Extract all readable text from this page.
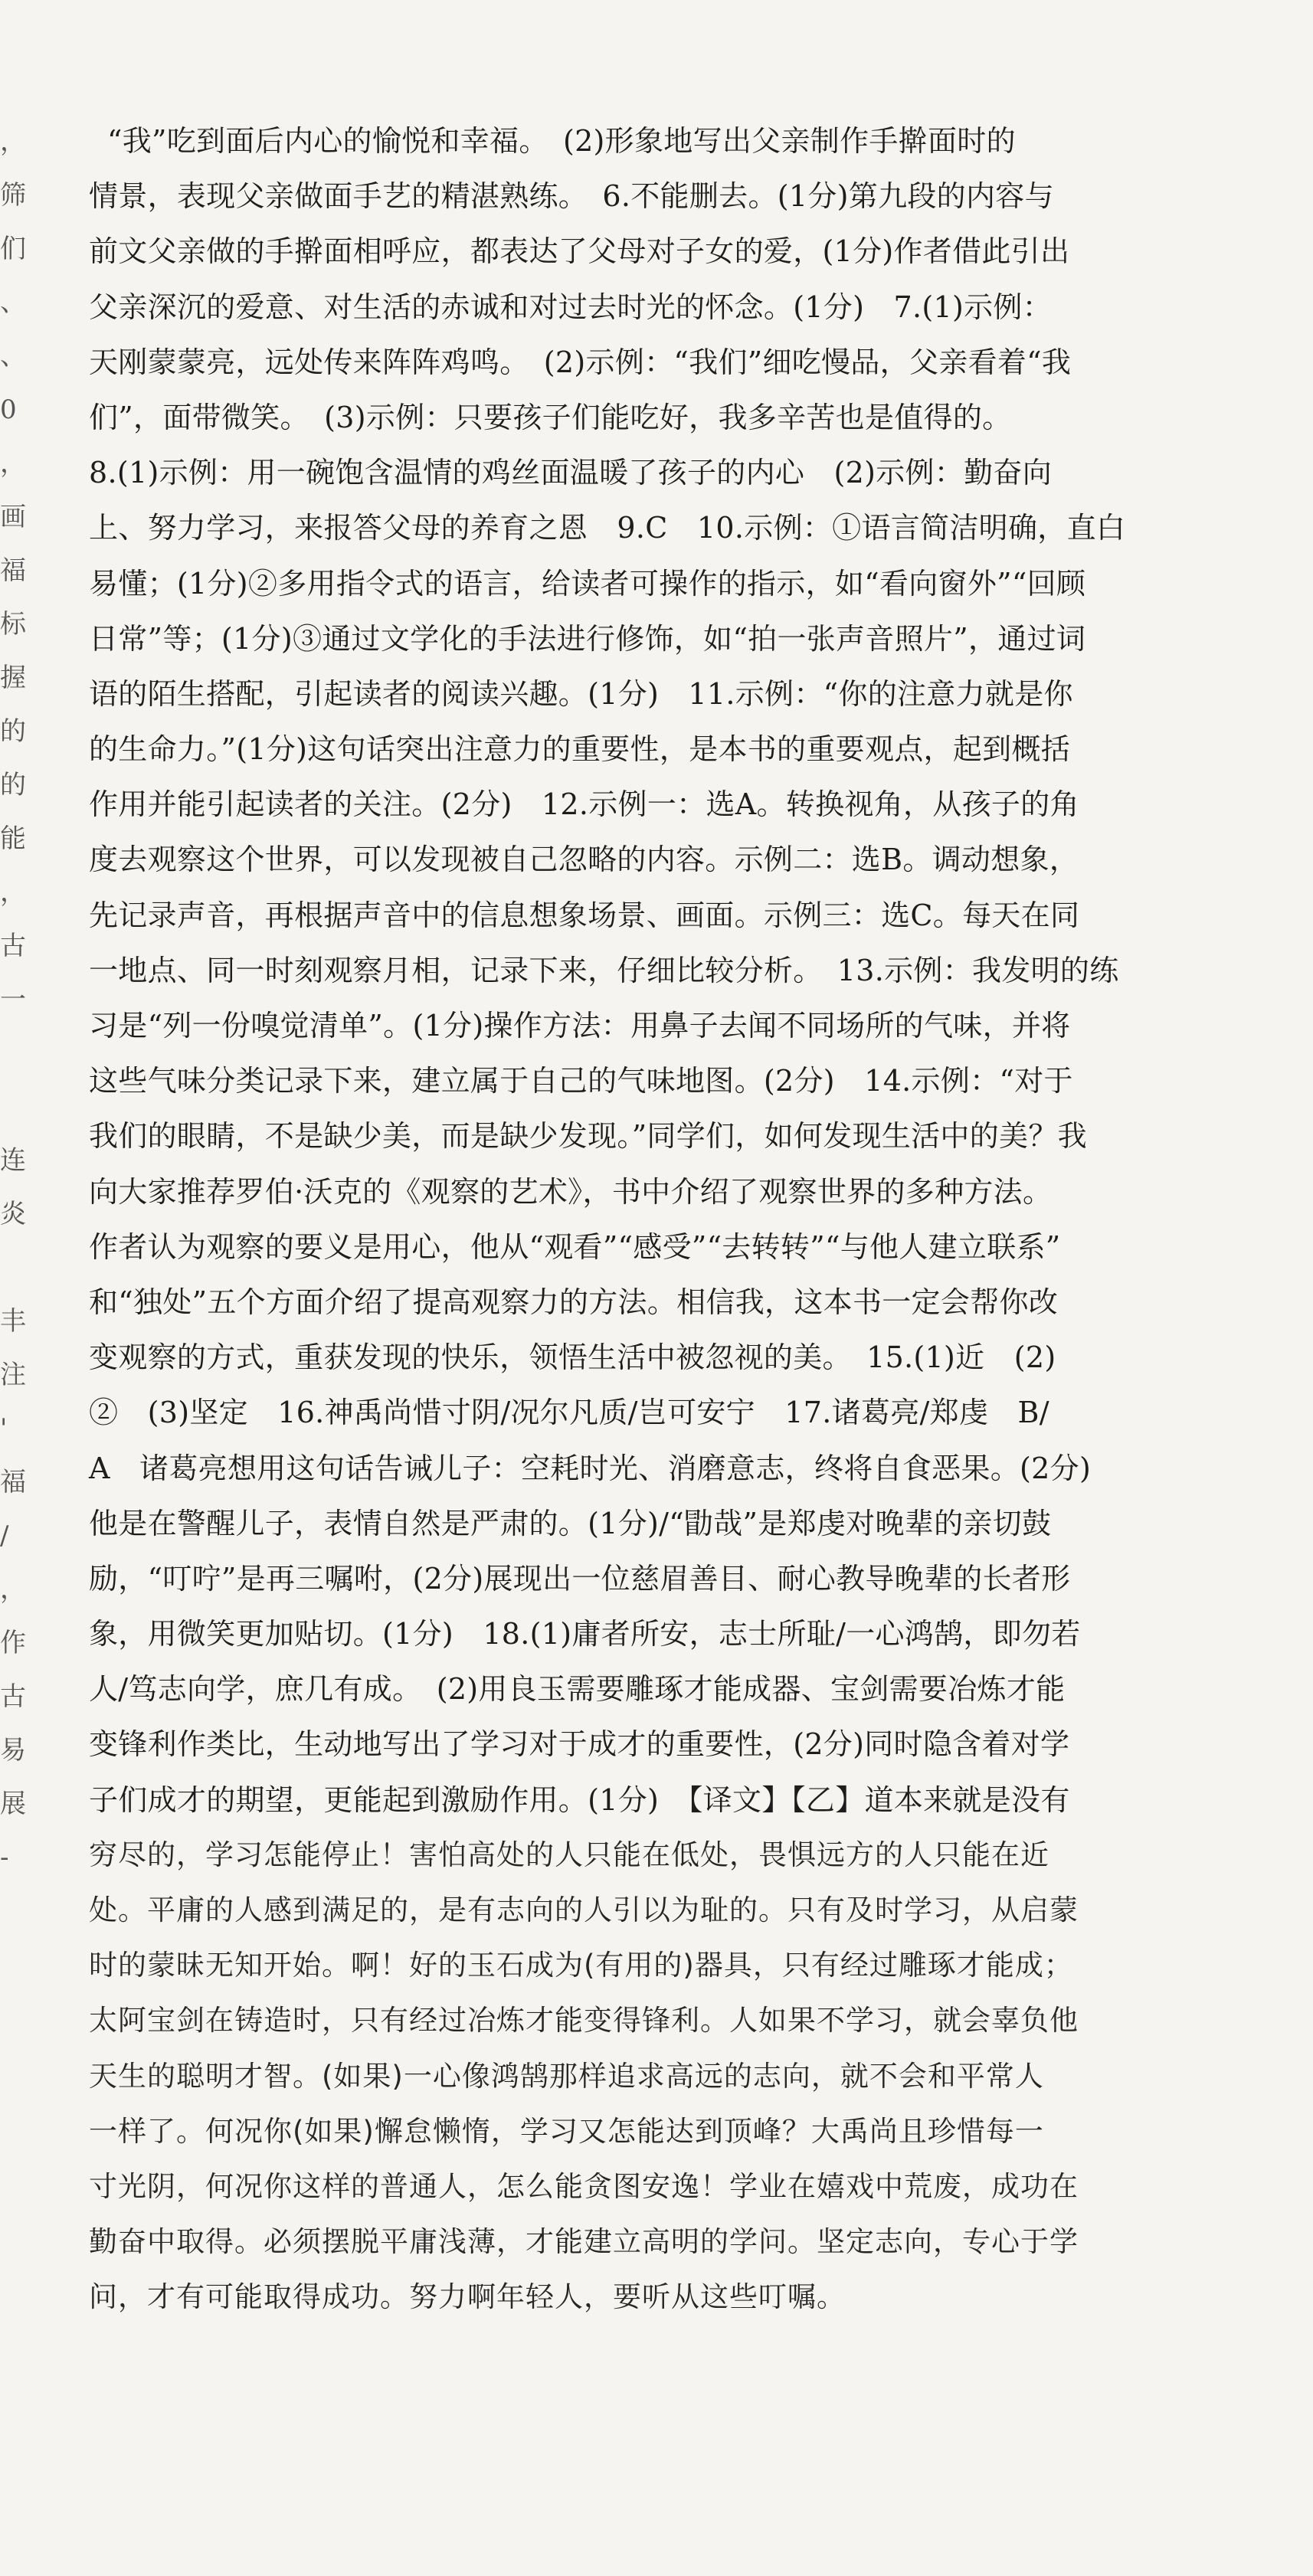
，
筛
们
、
、
0
，
画
福
标
握
的
的
能
，
古
一
连
炎
丰
注
'
福
/
，
作
古
易
展
-
“我”吃到面后内心的愉悦和幸福。　(2)形象地写出父亲制作手擀面时的
情景，表现父亲做面手艺的精湛熟练。　6.不能删去。(1分)第九段的内容与
前文父亲做的手擀面相呼应，都表达了父母对子女的爱，(1分)作者借此引出
父亲深沉的爱意、对生活的赤诚和对过去时光的怀念。(1分)　7.(1)示例：
天刚蒙蒙亮，远处传来阵阵鸡鸣。　(2)示例：“我们”细吃慢品，父亲看着“我
们”，面带微笑。　(3)示例：只要孩子们能吃好，我多辛苦也是值得的。
8.(1)示例：用一碗饱含温情的鸡丝面温暖了孩子的内心　(2)示例：勤奋向
上、努力学习，来报答父母的养育之恩　9.C　10.示例：①语言简洁明确，直白
易懂；(1分)②多用指令式的语言，给读者可操作的指示，如“看向窗外”“回顾
日常”等；(1分)③通过文学化的手法进行修饰，如“拍一张声音照片”，通过词
语的陌生搭配，引起读者的阅读兴趣。(1分)　11.示例：“你的注意力就是你
的生命力。”(1分)这句话突出注意力的重要性，是本书的重要观点，起到概括
作用并能引起读者的关注。(2分)　12.示例一：选A。转换视角，从孩子的角
度去观察这个世界，可以发现被自己忽略的内容。示例二：选B。调动想象，
先记录声音，再根据声音中的信息想象场景、画面。示例三：选C。每天在同
一地点、同一时刻观察月相，记录下来，仔细比较分析。　13.示例：我发明的练
习是“列一份嗅觉清单”。(1分)操作方法：用鼻子去闻不同场所的气味，并将
这些气味分类记录下来，建立属于自己的气味地图。(2分)　14.示例：“对于
我们的眼睛，不是缺少美，而是缺少发现。”同学们，如何发现生活中的美？我
向大家推荐罗伯·沃克的《观察的艺术》，书中介绍了观察世界的多种方法。
作者认为观察的要义是用心，他从“观看”“感受”“去转转”“与他人建立联系”
和“独处”五个方面介绍了提高观察力的方法。相信我，这本书一定会帮你改
变观察的方式，重获发现的快乐，领悟生活中被忽视的美。　15.(1)近　(2)
②　(3)坚定　16.神禹尚惜寸阴/况尔凡质/岂可安宁　17.诸葛亮/郑虔　B/
A　诸葛亮想用这句话告诫儿子：空耗时光、消磨意志，终将自食恶果。(2分)
他是在警醒儿子，表情自然是严肃的。(1分)/“勖哉”是郑虔对晚辈的亲切鼓
励，“叮咛”是再三嘱咐，(2分)展现出一位慈眉善目、耐心教导晚辈的长者形
象，用微笑更加贴切。(1分)　18.(1)庸者所安，志士所耻/一心鸿鹄，即勿若
人/笃志向学，庶几有成。　(2)用良玉需要雕琢才能成器、宝剑需要冶炼才能
变锋利作类比，生动地写出了学习对于成才的重要性，(2分)同时隐含着对学
子们成才的期望，更能起到激励作用。(1分)　【译文】【乙】道本来就是没有
穷尽的，学习怎能停止！害怕高处的人只能在低处，畏惧远方的人只能在近
处。平庸的人感到满足的，是有志向的人引以为耻的。只有及时学习，从启蒙
时的蒙昧无知开始。啊！好的玉石成为(有用的)器具，只有经过雕琢才能成；
太阿宝剑在铸造时，只有经过冶炼才能变得锋利。人如果不学习，就会辜负他
天生的聪明才智。(如果)一心像鸿鹄那样追求高远的志向，就不会和平常人
一样了。何况你(如果)懈怠懒惰，学习又怎能达到顶峰？大禹尚且珍惜每一
寸光阴，何况你这样的普通人，怎么能贪图安逸！学业在嬉戏中荒废，成功在
勤奋中取得。必须摆脱平庸浅薄，才能建立高明的学问。坚定志向，专心于学
问，才有可能取得成功。努力啊年轻人，要听从这些叮嘱。
